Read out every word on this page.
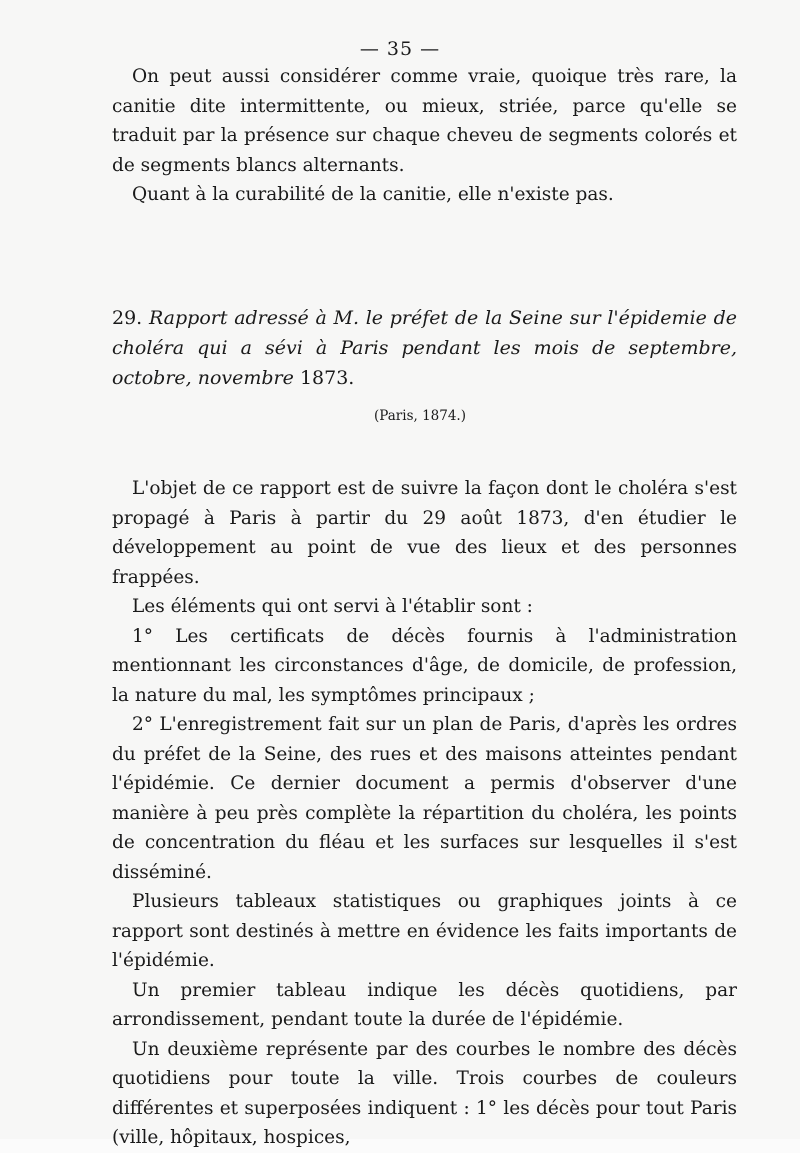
— 35 —

On peut aussi considérer comme vraie, quoique très rare, la canitie dite intermittente, ou mieux, striée, parce qu'elle se traduit par la présence sur chaque cheveu de segments colorés et de segments blancs alternants.

Quant à la curabilité de la canitie, elle n'existe pas.

29. Rapport adressé à M. le préfet de la Seine sur l'épidemie de choléra qui a sévi à Paris pendant les mois de septembre, octobre, novembre 1873.

(Paris, 1874.)

L'objet de ce rapport est de suivre la façon dont le choléra s'est propagé à Paris à partir du 29 août 1873, d'en étudier le développement au point de vue des lieux et des personnes frappées.

Les éléments qui ont servi à l'établir sont :

1° Les certificats de décès fournis à l'administration mentionnant les circonstances d'âge, de domicile, de profession, la nature du mal, les symptômes principaux ;

2° L'enregistrement fait sur un plan de Paris, d'après les ordres du préfet de la Seine, des rues et des maisons atteintes pendant l'épidémie. Ce dernier document a permis d'observer d'une manière à peu près complète la répartition du choléra, les points de concentration du fléau et les surfaces sur lesquelles il s'est disséminé.

Plusieurs tableaux statistiques ou graphiques joints à ce rapport sont destinés à mettre en évidence les faits importants de l'épidémie.

Un premier tableau indique les décès quotidiens, par arrondissement, pendant toute la durée de l'épidémie.

Un deuxième représente par des courbes le nombre des décès quotidiens pour toute la ville. Trois courbes de couleurs différentes et superposées indiquent : 1° les décès pour tout Paris (ville, hôpitaux, hospices,
